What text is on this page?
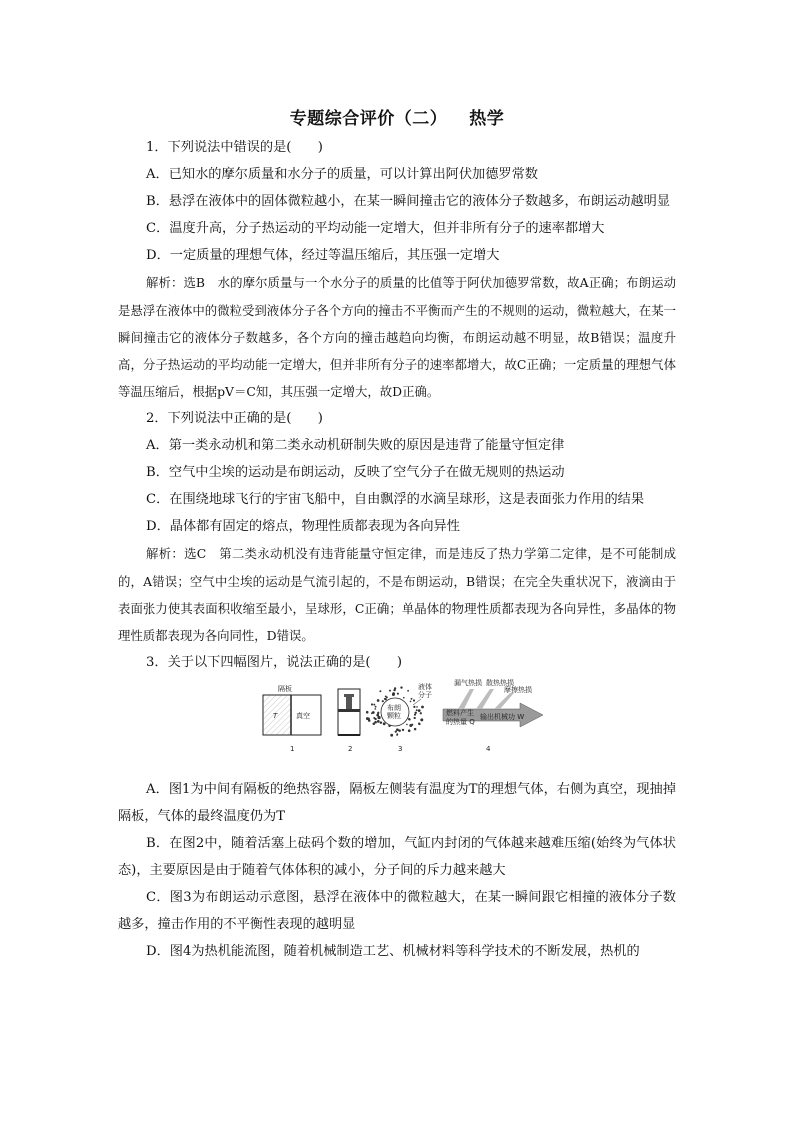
专题综合评价（二） 热学

1．下列说法中错误的是(　　)

A．已知水的摩尔质量和水分子的质量，可以计算出阿伏加德罗常数

B．悬浮在液体中的固体微粒越小，在某一瞬间撞击它的液体分子数越多，布朗运动越明显

C．温度升高，分子热运动的平均动能一定增大，但并非所有分子的速率都增大

D．一定质量的理想气体，经过等温压缩后，其压强一定增大

解析：选B　水的摩尔质量与一个水分子的质量的比值等于阿伏加德罗常数，故A正确；布朗运动是悬浮在液体中的微粒受到液体分子各个方向的撞击不平衡而产生的不规则的运动，微粒越大，在某一瞬间撞击它的液体分子数越多，各个方向的撞击越趋向均衡，布朗运动越不明显，故B错误；温度升高，分子热运动的平均动能一定增大，但并非所有分子的速率都增大，故C正确；一定质量的理想气体等温压缩后，根据pV＝C知，其压强一定增大，故D正确。

2．下列说法中正确的是(　　)

A．第一类永动机和第二类永动机研制失败的原因是违背了能量守恒定律

B．空气中尘埃的运动是布朗运动，反映了空气分子在做无规则的热运动

C．在围绕地球飞行的宇宙飞船中，自由飘浮的水滴呈球形，这是表面张力作用的结果

D．晶体都有固定的熔点，物理性质都表现为各向异性

解析：选C　第二类永动机没有违背能量守恒定律，而是违反了热力学第二定律，是不可能制成的，A错误；空气中尘埃的运动是气流引起的，不是布朗运动，B错误；在完全失重状况下，液滴由于表面张力使其表面积收缩至最小，呈球形，C正确；单晶体的物理性质都表现为各向异性，多晶体的物理性质都表现为各向同性，D错误。

3．关于以下四幅图片，说法正确的是(　　)

隔板
T	真空
1	2
布朗
颗粒
液体
分子
3
漏气热损 散热热损
摩擦热损
燃料产生
的热量 Q
输出机械功 W
4

A．图1为中间有隔板的绝热容器，隔板左侧装有温度为T的理想气体，右侧为真空，现抽掉隔板，气体的最终温度仍为T

B．在图2中，随着活塞上砝码个数的增加，气缸内封闭的气体越来越难压缩(始终为气体状态)，主要原因是由于随着气体体积的减小，分子间的斥力越来越大

C．图3为布朗运动示意图，悬浮在液体中的微粒越大，在某一瞬间跟它相撞的液体分子数越多，撞击作用的不平衡性表现的越明显

D．图4为热机能流图，随着机械制造工艺、机械材料等科学技术的不断发展，热机的
